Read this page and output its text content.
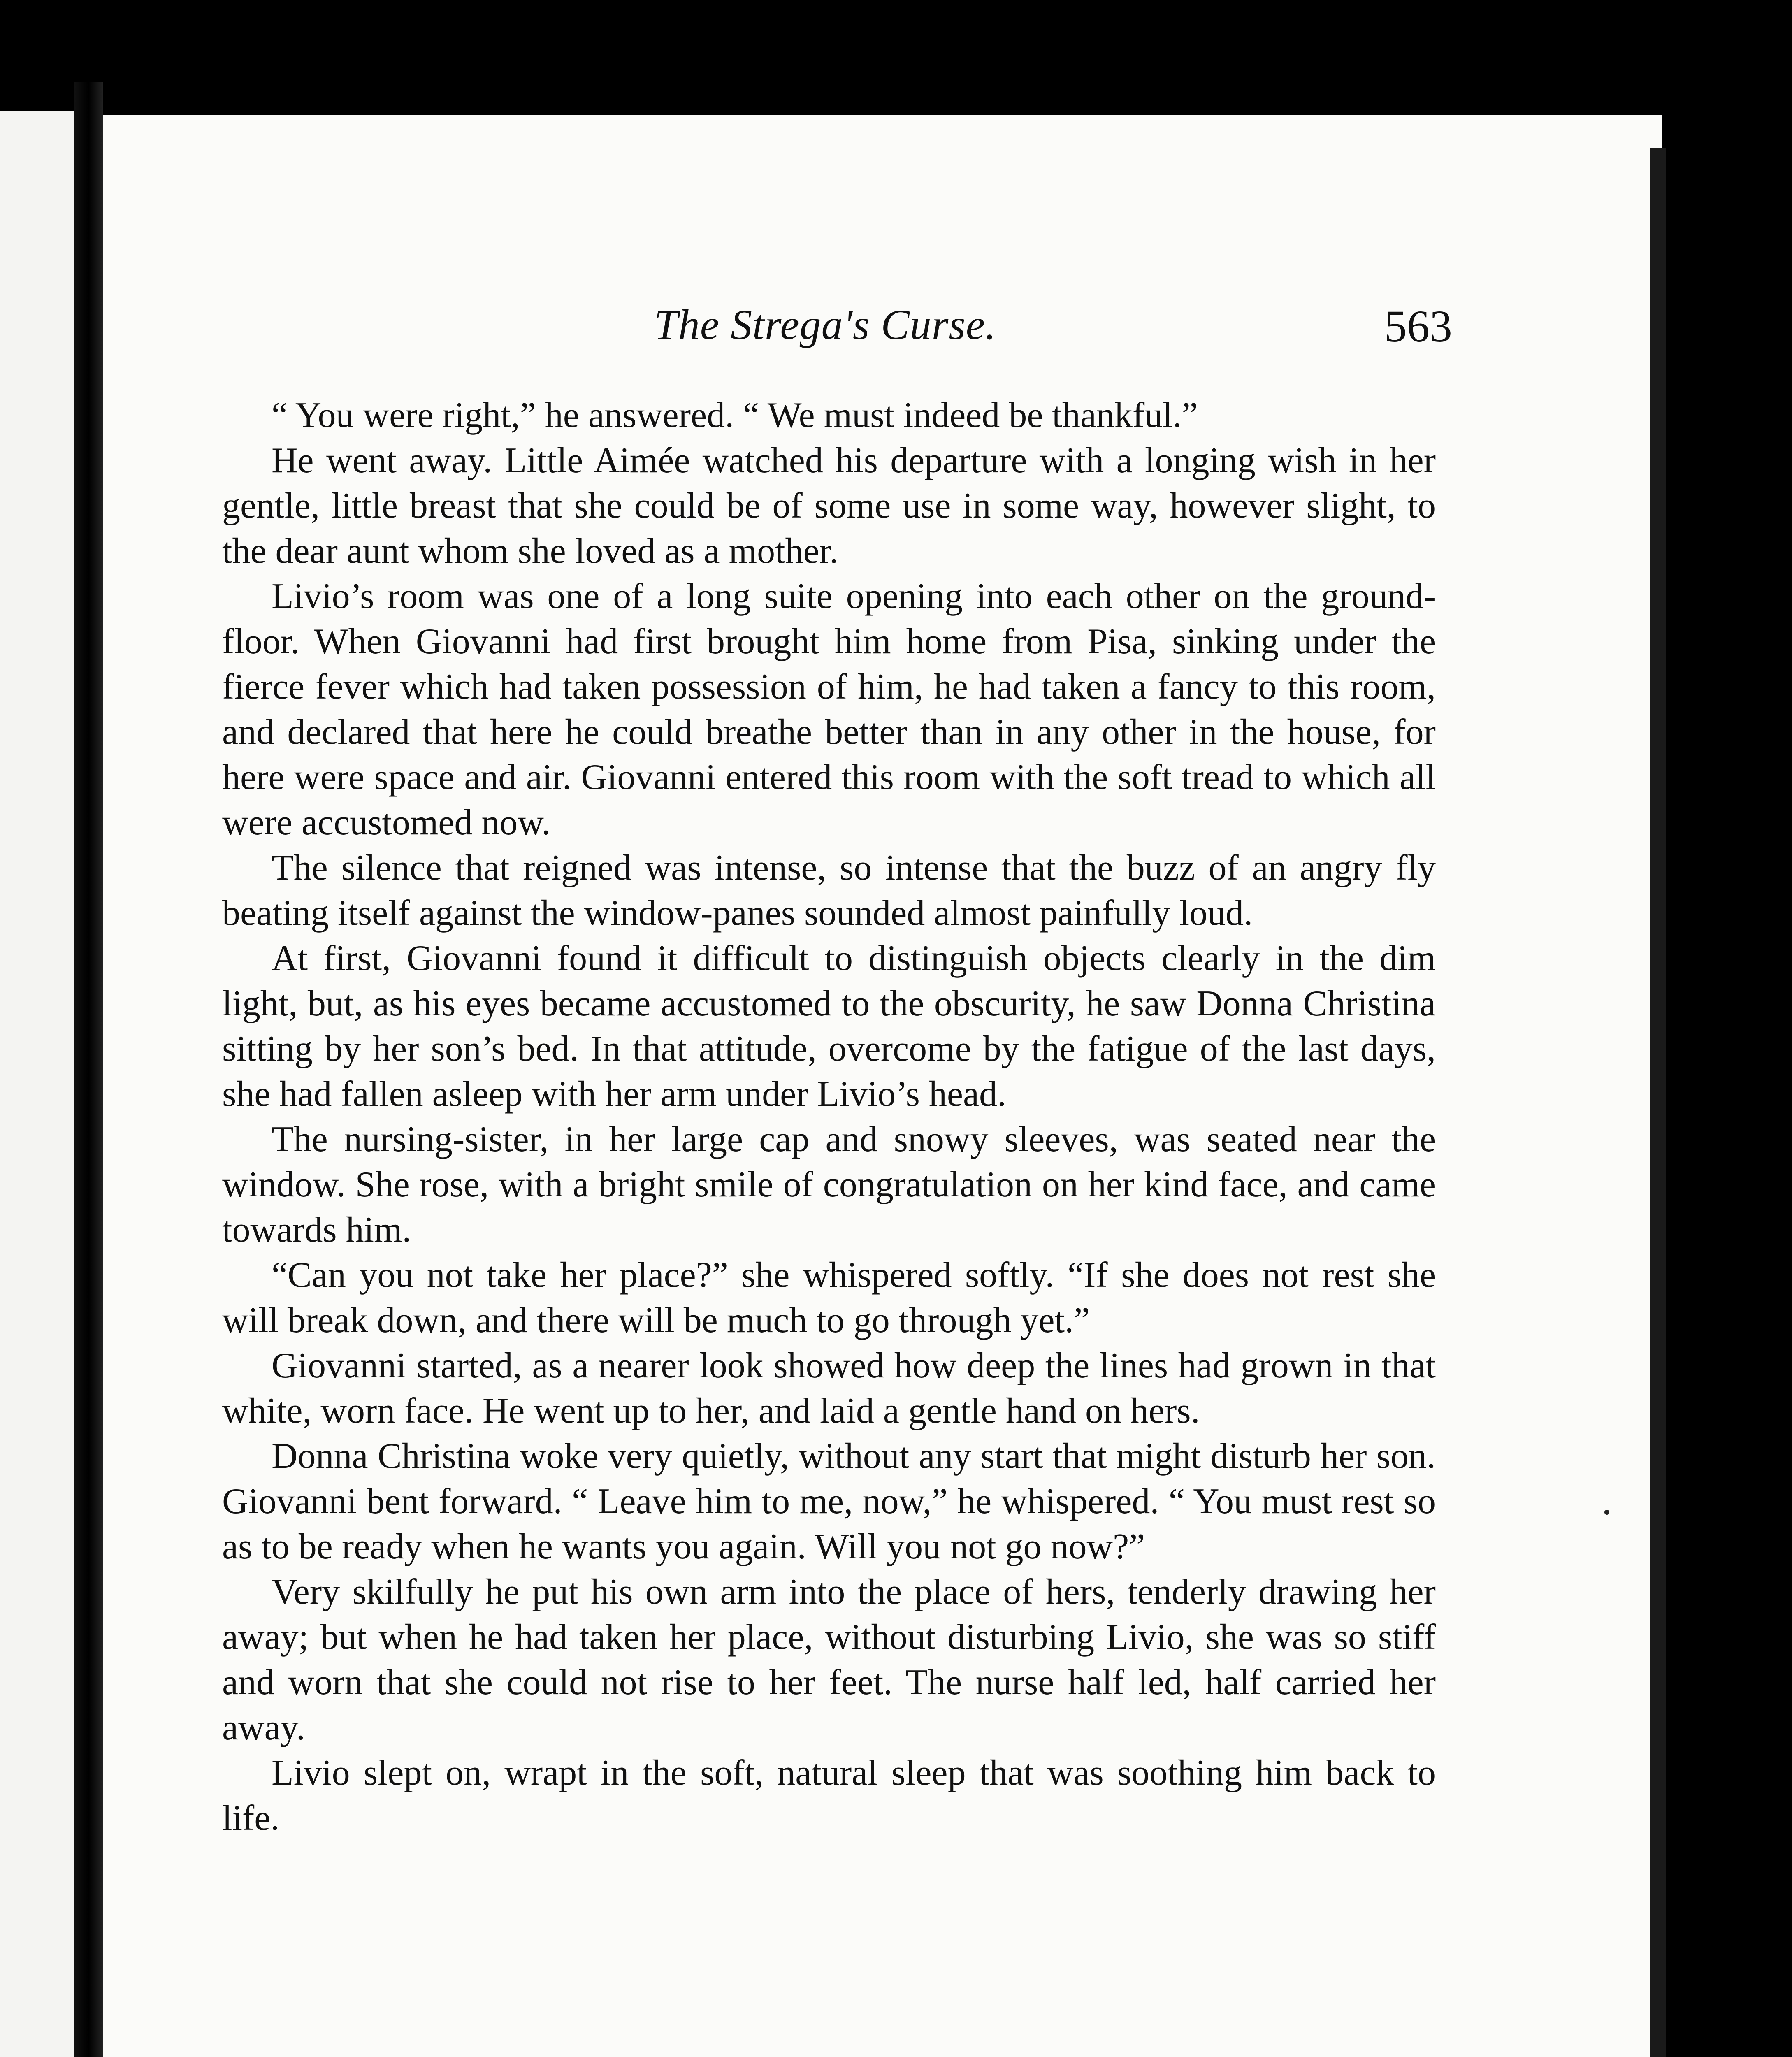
The Strega's Curse.	563

“ You were right,” he answered. “ We must indeed be thankful.”

He went away. Little Aimée watched his departure with a longing wish in her gentle, little breast that she could be of some use in some way, however slight, to the dear aunt whom she loved as a mother.

Livio’s room was one of a long suite opening into each other on the ground-floor. When Giovanni had first brought him home from Pisa, sinking under the fierce fever which had taken possession of him, he had taken a fancy to this room, and declared that here he could breathe better than in any other in the house, for here were space and air. Giovanni entered this room with the soft tread to which all were accustomed now.

The silence that reigned was intense, so intense that the buzz of an angry fly beating itself against the window-panes sounded almost painfully loud.

At first, Giovanni found it difficult to distinguish objects clearly in the dim light, but, as his eyes became accustomed to the obscurity, he saw Donna Christina sitting by her son’s bed. In that attitude, overcome by the fatigue of the last days, she had fallen asleep with her arm under Livio’s head.

The nursing-sister, in her large cap and snowy sleeves, was seated near the window. She rose, with a bright smile of congratulation on her kind face, and came towards him.

“Can you not take her place?” she whispered softly. “If she does not rest she will break down, and there will be much to go through yet.”

Giovanni started, as a nearer look showed how deep the lines had grown in that white, worn face. He went up to her, and laid a gentle hand on hers.

Donna Christina woke very quietly, without any start that might disturb her son. Giovanni bent forward. “ Leave him to me, now,” he whispered. “ You must rest so as to be ready when he wants you again. Will you not go now?”

Very skilfully he put his own arm into the place of hers, tenderly drawing her away; but when he had taken her place, without disturbing Livio, she was so stiff and worn that she could not rise to her feet. The nurse half led, half carried her away.

Livio slept on, wrapt in the soft, natural sleep that was soothing him back to life.
